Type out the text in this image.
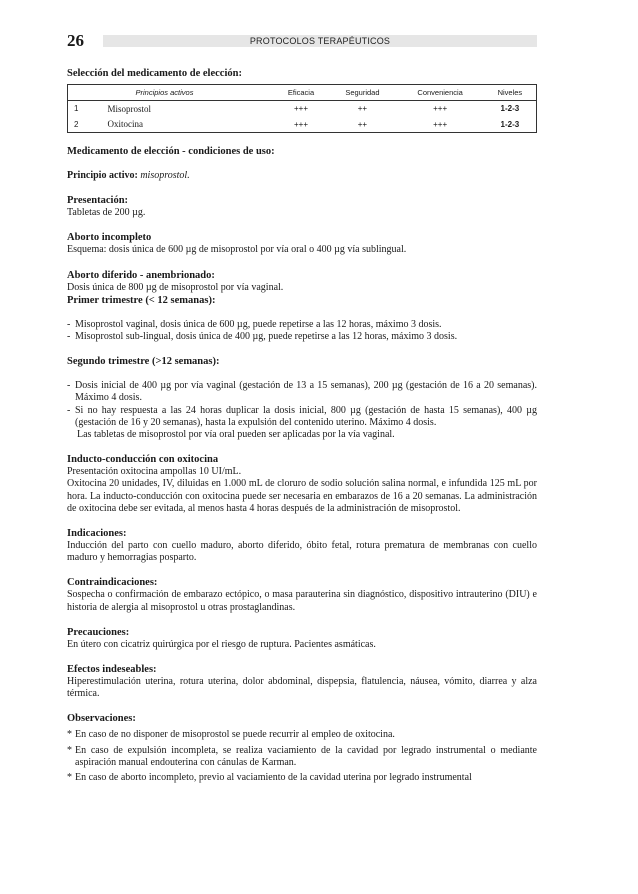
26	PROTOCOLOS TERAPÉUTICOS
Selección del medicamento de elección:
	Principios activos	Eficacia	Seguridad	Conveniencia	Niveles
1	Misoprostol	+++	++	+++	1-2-3
2	Oxitocina	+++	++	+++	1-2-3
Medicamento de elección - condiciones de uso:

Principio activo: misoprostol.

Presentación:

Tabletas de 200 µg.

Aborto incompleto

Esquema: dosis única de 600 µg de misoprostol por vía oral o 400 µg vía sublingual.

Aborto diferido - anembrionado:

Dosis única de 800 µg de misoprostol por vía vaginal.

Primer trimestre (< 12 semanas):
- Misoprostol vaginal, dosis única de 600 µg, puede repetirse a las 12 horas, máximo 3 dosis.
- Misoprostol sub-lingual, dosis única de 400 µg, puede repetirse a las 12 horas, máximo 3 dosis.
Segundo trimestre (>12 semanas):
- Dosis inicial de 400 µg por vía vaginal (gestación de 13 a 15 semanas), 200 µg (gestación de 16 a 20 semanas). Máximo 4 dosis.
- Si no hay respuesta a las 24 horas duplicar la dosis inicial, 800 µg (gestación de hasta 15 semanas), 400 µg (gestación de 16 y 20 semanas), hasta la expulsión del contenido uterino. Máximo 4 dosis.

Las tabletas de misoprostol por vía oral pueden ser aplicadas por la vía vaginal.

Inducto-conducción con oxitocina

Presentación oxitocina ampollas 10 UI/mL.

Oxitocina 20 unidades, IV, diluidas en 1.000 mL de cloruro de sodio solución salina normal, e infundida 125 mL por hora. La inducto-conducción con oxitocina puede ser necesaria en embarazos de 16 a 20 semanas. La administración de oxitocina debe ser evitada, al menos hasta 4 horas después de la administración de misoprostol.

Indicaciones:

Inducción del parto con cuello maduro, aborto diferido, óbito fetal, rotura prematura de membranas con cuello maduro y hemorragias posparto.

Contraindicaciones:

Sospecha o confirmación de embarazo ectópico, o masa parauterina sin diagnóstico, dispositivo intrauterino (DIU) e historia de alergia al misoprostol u otras prostaglandinas.

Precauciones:

En útero con cicatriz quirúrgica por el riesgo de ruptura. Pacientes asmáticas.

Efectos indeseables:

Hiperestimulación uterina, rotura uterina, dolor abdominal, dispepsia, flatulencia, náusea, vómito, diarrea y alza térmica.

Observaciones:
* En caso de no disponer de misoprostol se puede recurrir al empleo de oxitocina.
* En caso de expulsión incompleta, se realiza vaciamiento de la cavidad por legrado instrumental o mediante aspiración manual endouterina con cánulas de Karman.
* En caso de aborto incompleto, previo al vaciamiento de la cavidad uterina por legrado instrumental
